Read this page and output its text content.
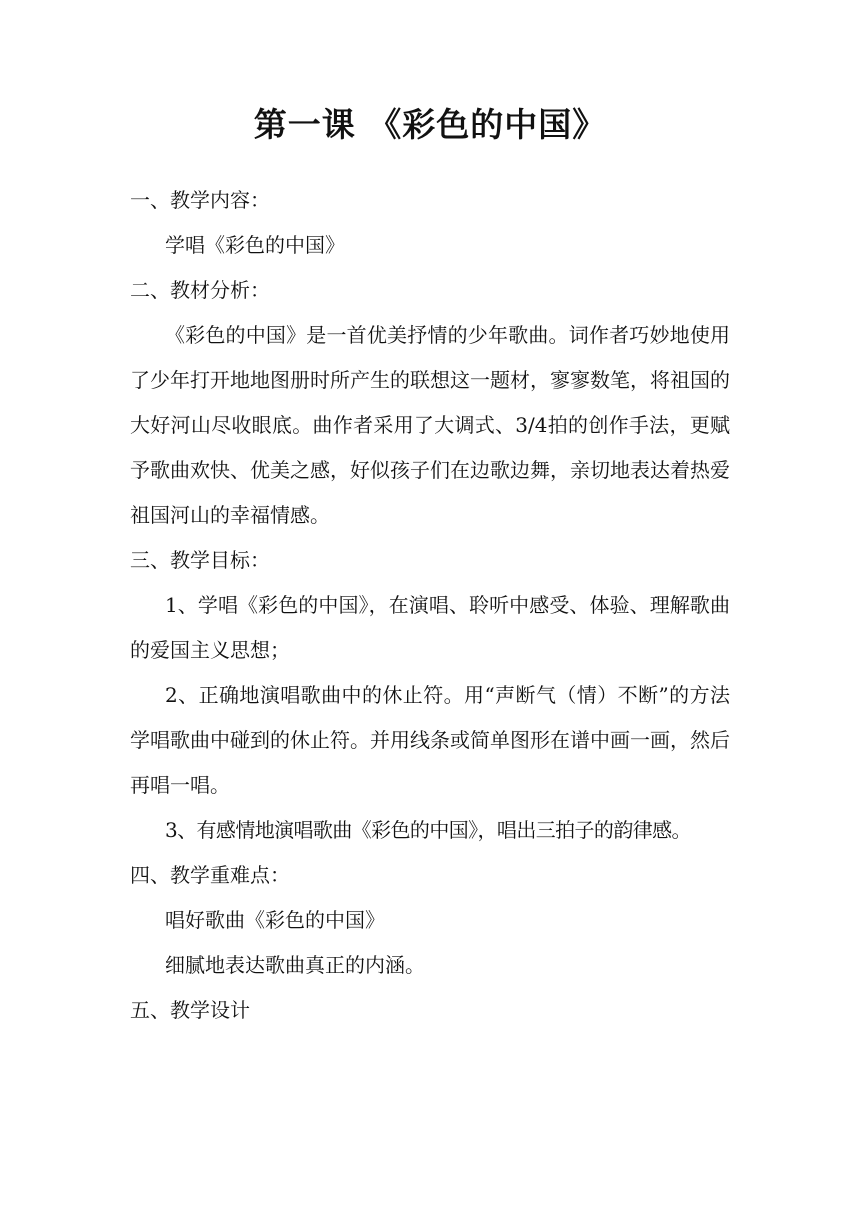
第一课 《彩色的中国》

一、教学内容：

学唱《彩色的中国》

二、教材分析：

《彩色的中国》是一首优美抒情的少年歌曲。词作者巧妙地使用了少年打开地地图册时所产生的联想这一题材，寥寥数笔，将祖国的大好河山尽收眼底。曲作者采用了大调式、3/4拍的创作手法，更赋予歌曲欢快、优美之感，好似孩子们在边歌边舞，亲切地表达着热爱祖国河山的幸福情感。

三、教学目标：

1、学唱《彩色的中国》，在演唱、聆听中感受、体验、理解歌曲的爱国主义思想；

2、正确地演唱歌曲中的休止符。用“声断气（情）不断”的方法学唱歌曲中碰到的休止符。并用线条或简单图形在谱中画一画，然后再唱一唱。

3、有感情地演唱歌曲《彩色的中国》，唱出三拍子的韵律感。

四、教学重难点：

唱好歌曲《彩色的中国》

细腻地表达歌曲真正的内涵。

五、教学设计
